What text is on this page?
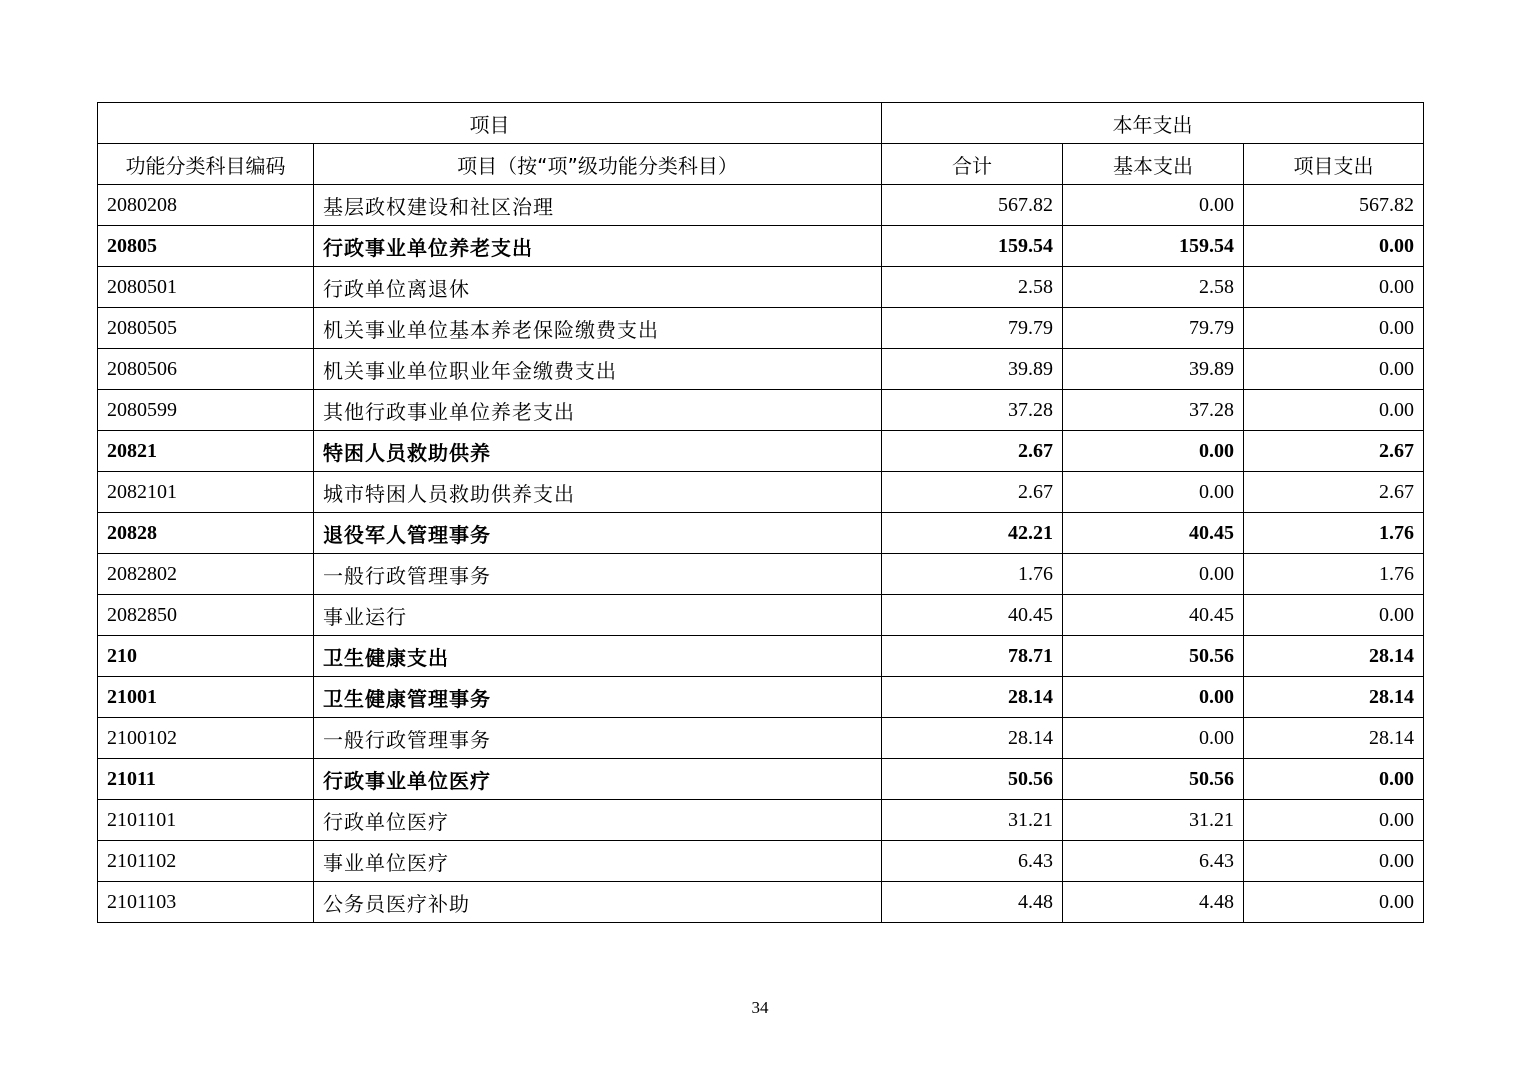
项目		本年支出		
功能分类科目编码	项目（按“项”级功能分类科目）	合计	基本支出	项目支出
2080208	基层政权建设和社区治理	567.82	0.00	567.82
20805	行政事业单位养老支出	159.54	159.54	0.00
2080501	行政单位离退休	2.58	2.58	0.00
2080505	机关事业单位基本养老保险缴费支出	79.79	79.79	0.00
2080506	机关事业单位职业年金缴费支出	39.89	39.89	0.00
2080599	其他行政事业单位养老支出	37.28	37.28	0.00
20821	特困人员救助供养	2.67	0.00	2.67
2082101	城市特困人员救助供养支出	2.67	0.00	2.67
20828	退役军人管理事务	42.21	40.45	1.76
2082802	一般行政管理事务	1.76	0.00	1.76
2082850	事业运行	40.45	40.45	0.00
210	卫生健康支出	78.71	50.56	28.14
21001	卫生健康管理事务	28.14	0.00	28.14
2100102	一般行政管理事务	28.14	0.00	28.14
21011	行政事业单位医疗	50.56	50.56	0.00
2101101	行政单位医疗	31.21	31.21	0.00
2101102	事业单位医疗	6.43	6.43	0.00
2101103	公务员医疗补助	4.48	4.48	0.00
34
